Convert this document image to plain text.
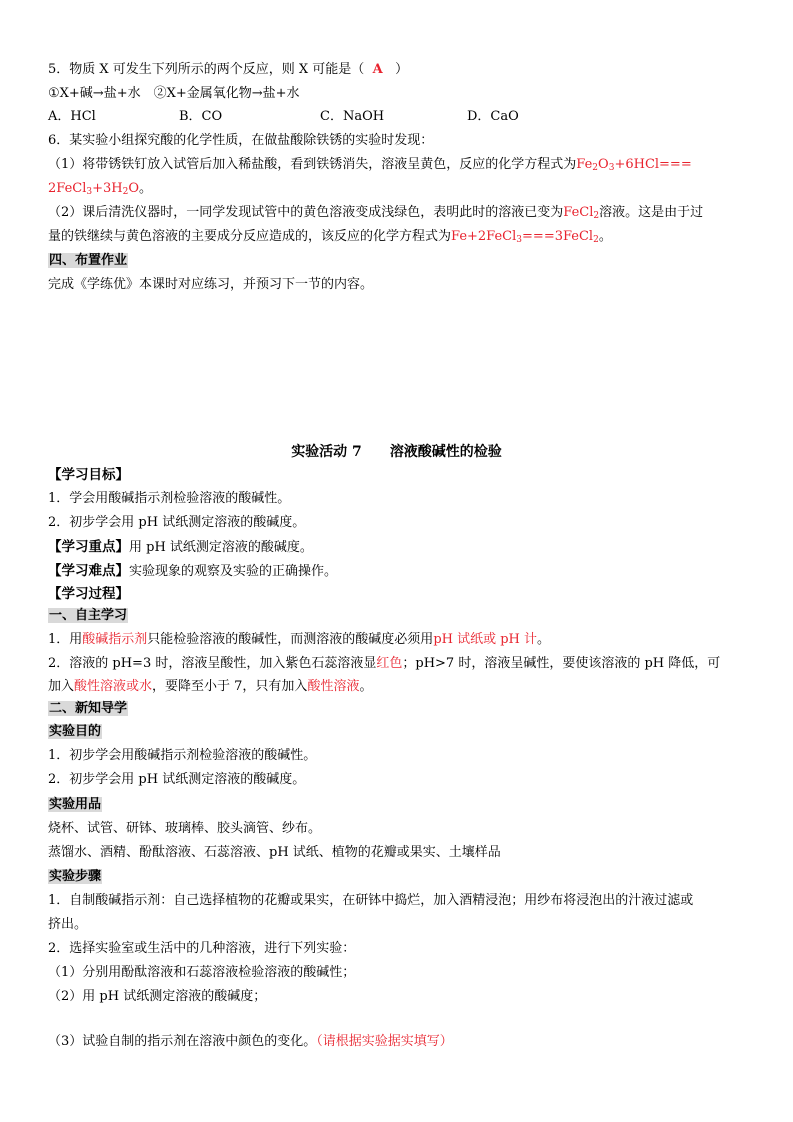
5．物质 X 可发生下列所示的两个反应，则 X 可能是（ A ）
①X+碱→盐+水　②X+金属氧化物→盐+水
A．HCl	B．CO	C．NaOH	D．CaO
6．某实验小组探究酸的化学性质，在做盐酸除铁锈的实验时发现：
（1）将带锈铁钉放入试管后加入稀盐酸，看到铁锈消失，溶液呈黄色，反应的化学方程式为$Fe_2O_3+6HCl===$
$2FeCl_3+3H_2O$。
（2）课后清洗仪器时，一同学发现试管中的黄色溶液变成浅绿色，表明此时的溶液已变为FeCl$_2$溶液。这是由于过
量的铁继续与黄色溶液的主要成分反应造成的，该反应的化学方程式为Fe+2FeCl$_3$===3FeCl$_2$。
四、布置作业
完成《学练优》本课时对应练习，并预习下一节的内容。
实验活动 7 溶液酸碱性的检验
【学习目标】
1．学会用酸碱指示剂检验溶液的酸碱性。
2．初步学会用 pH 试纸测定溶液的酸碱度。
【学习重点】用 pH 试纸测定溶液的酸碱度。
【学习难点】实验现象的观察及实验的正确操作。
【学习过程】
一、自主学习
1．用酸碱指示剂只能检验溶液的酸碱性，而测溶液的酸碱度必须用pH 试纸或 pH 计。
2．溶液的 pH=3 时，溶液呈酸性，加入紫色石蕊溶液显红色；pH>7 时，溶液呈碱性，要使该溶液的 pH 降低，可
加入酸性溶液或水，要降至小于 7，只有加入酸性溶液。
二、新知导学
实验目的
1．初步学会用酸碱指示剂检验溶液的酸碱性。
2．初步学会用 pH 试纸测定溶液的酸碱度。
实验用品
烧杯、试管、研钵、玻璃棒、胶头滴管、纱布。
蒸馏水、酒精、酚酞溶液、石蕊溶液、pH 试纸、植物的花瓣或果实、土壤样品
实验步骤
1．自制酸碱指示剂：自己选择植物的花瓣或果实，在研钵中捣烂，加入酒精浸泡；用纱布将浸泡出的汁液过滤或
挤出。
2．选择实验室或生活中的几种溶液，进行下列实验：
（1）分别用酚酞溶液和石蕊溶液检验溶液的酸碱性；
（2）用 pH 试纸测定溶液的酸碱度；
（3）试验自制的指示剂在溶液中颜色的变化。（请根据实验据实填写）
